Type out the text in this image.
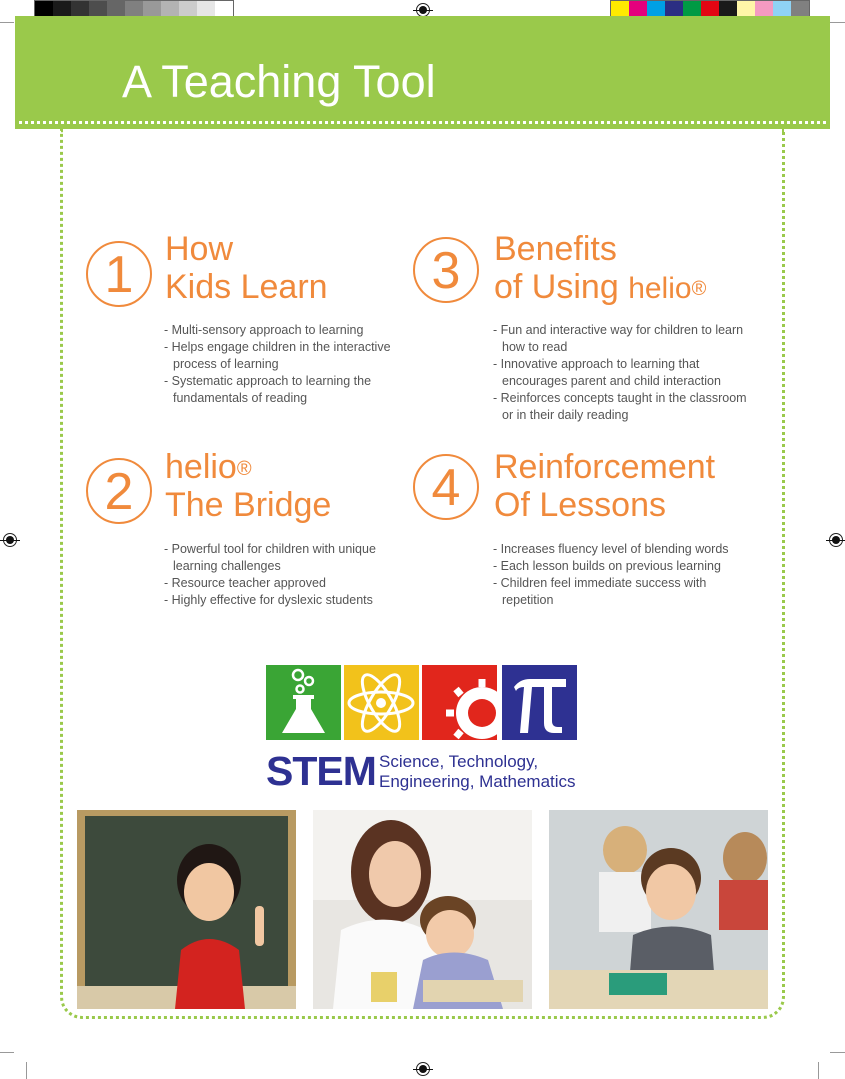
A Teaching Tool
1 How
Kids Learn
- Multi-sensory approach to learning
- Helps engage children in the interactive process of learning
- Systematic approach to learning the fundamentals of reading
3 Benefits
of Using helio®
- Fun and interactive way for children to learn how to read
- Innovative approach to learning that encourages parent and child interaction
- Reinforces concepts taught in the classroom or in their daily reading
2 helio®
The Bridge
- Powerful tool for children with unique learning challenges
- Resource teacher approved
- Highly effective for dyslexic students
4 Reinforcement
Of Lessons
- Increases fluency level of blending words
- Each lesson builds on previous learning
- Children feel immediate success with repetition
STEM Science, Technology,
Engineering, Mathematics
